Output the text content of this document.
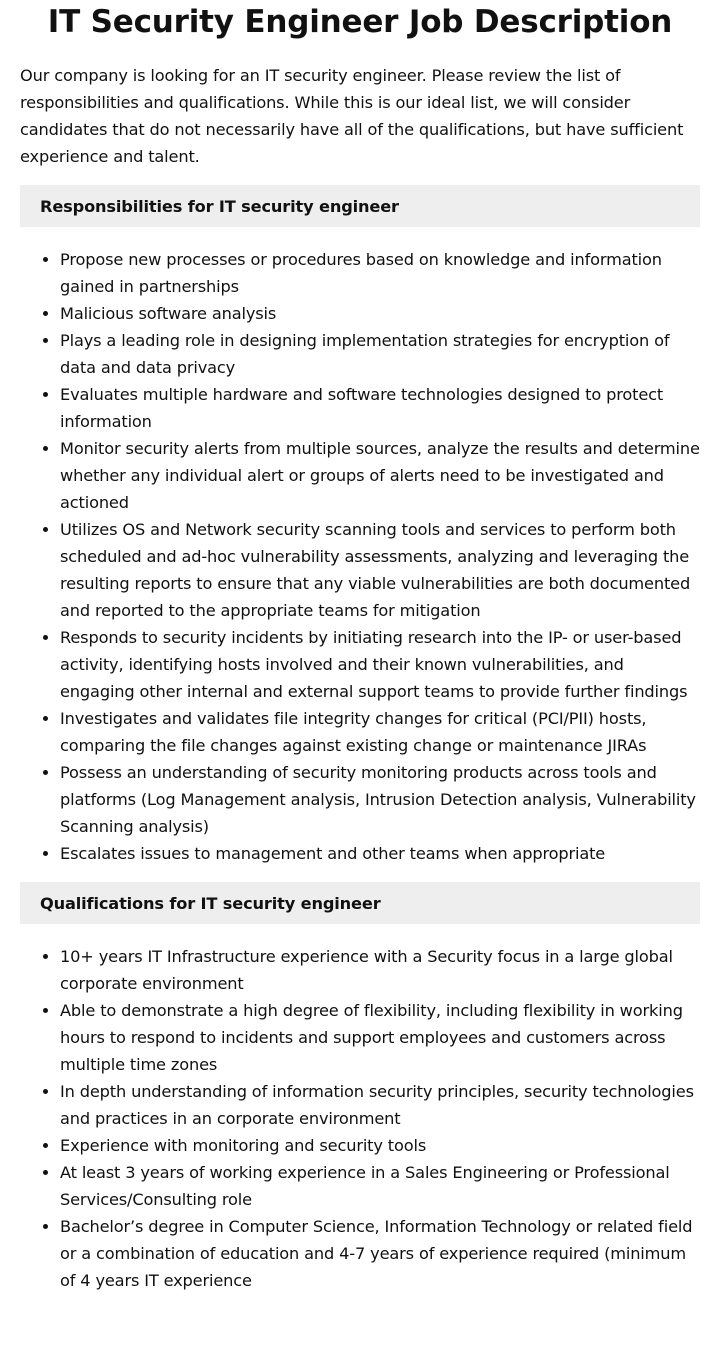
IT Security Engineer Job Description

Our company is looking for an IT security engineer. Please review the list of responsibilities and qualifications. While this is our ideal list, we will consider candidates that do not necessarily have all of the qualifications, but have sufficient experience and talent.

Responsibilities for IT security engineer
• Propose new processes or procedures based on knowledge and information gained in partnerships
• Malicious software analysis
• Plays a leading role in designing implementation strategies for encryption of data and data privacy
• Evaluates multiple hardware and software technologies designed to protect information
• Monitor security alerts from multiple sources, analyze the results and determine whether any individual alert or groups of alerts need to be investigated and actioned
• Utilizes OS and Network security scanning tools and services to perform both scheduled and ad-hoc vulnerability assessments, analyzing and leveraging the resulting reports to ensure that any viable vulnerabilities are both documented and reported to the appropriate teams for mitigation
• Responds to security incidents by initiating research into the IP- or user-based activity, identifying hosts involved and their known vulnerabilities, and engaging other internal and external support teams to provide further findings
• Investigates and validates file integrity changes for critical (PCI/PII) hosts, comparing the file changes against existing change or maintenance JIRAs
• Possess an understanding of security monitoring products across tools and platforms (Log Management analysis, Intrusion Detection analysis, Vulnerability Scanning analysis)
• Escalates issues to management and other teams when appropriate
Qualifications for IT security engineer
• 10+ years IT Infrastructure experience with a Security focus in a large global corporate environment
• Able to demonstrate a high degree of flexibility, including flexibility in working hours to respond to incidents and support employees and customers across multiple time zones
• In depth understanding of information security principles, security technologies and practices in an corporate environment
• Experience with monitoring and security tools
• At least 3 years of working experience in a Sales Engineering or Professional Services/Consulting role
• Bachelor’s degree in Computer Science, Information Technology or related field or a combination of education and 4-7 years of experience required (minimum of 4 years IT experience
